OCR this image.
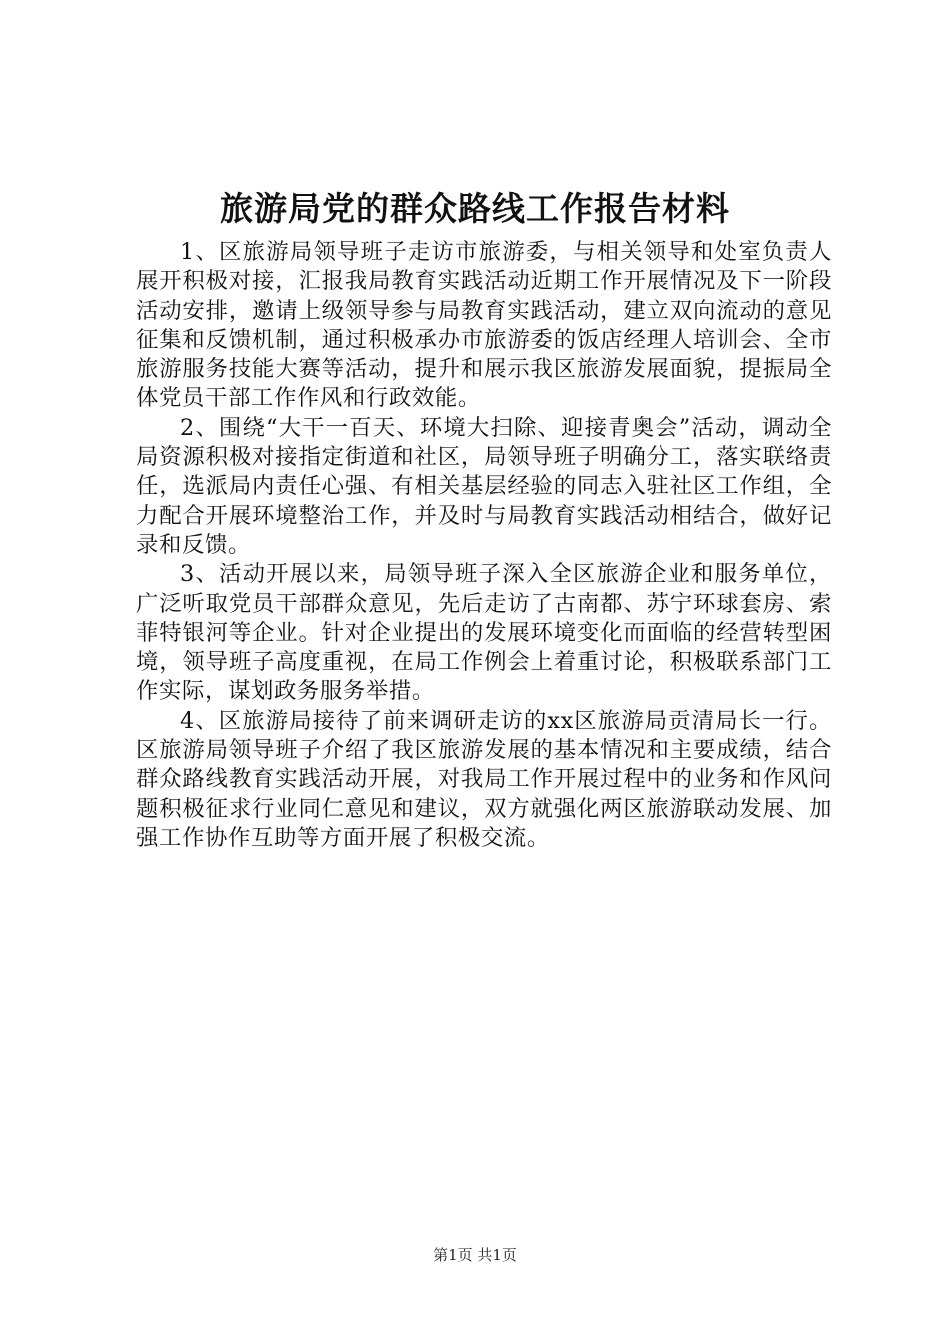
旅游局党的群众路线工作报告材料

1、区旅游局领导班子走访市旅游委，与相关领导和处室负责人展开积极对接，汇报我局教育实践活动近期工作开展情况及下一阶段活动安排，邀请上级领导参与局教育实践活动，建立双向流动的意见征集和反馈机制，通过积极承办市旅游委的饭店经理人培训会、全市旅游服务技能大赛等活动，提升和展示我区旅游发展面貌，提振局全体党员干部工作作风和行政效能。

2、围绕“大干一百天、环境大扫除、迎接青奥会”活动，调动全局资源积极对接指定街道和社区，局领导班子明确分工，落实联络责任，选派局内责任心强、有相关基层经验的同志入驻社区工作组，全力配合开展环境整治工作，并及时与局教育实践活动相结合，做好记录和反馈。

3、活动开展以来，局领导班子深入全区旅游企业和服务单位，广泛听取党员干部群众意见，先后走访了古南都、苏宁环球套房、索菲特银河等企业。针对企业提出的发展环境变化而面临的经营转型困境，领导班子高度重视，在局工作例会上着重讨论，积极联系部门工作实际，谋划政务服务举措。

4、区旅游局接待了前来调研走访的xx区旅游局贡清局长一行。区旅游局领导班子介绍了我区旅游发展的基本情况和主要成绩，结合群众路线教育实践活动开展，对我局工作开展过程中的业务和作风问题积极征求行业同仁意见和建议，双方就强化两区旅游联动发展、加强工作协作互助等方面开展了积极交流。

第1页 共1页
